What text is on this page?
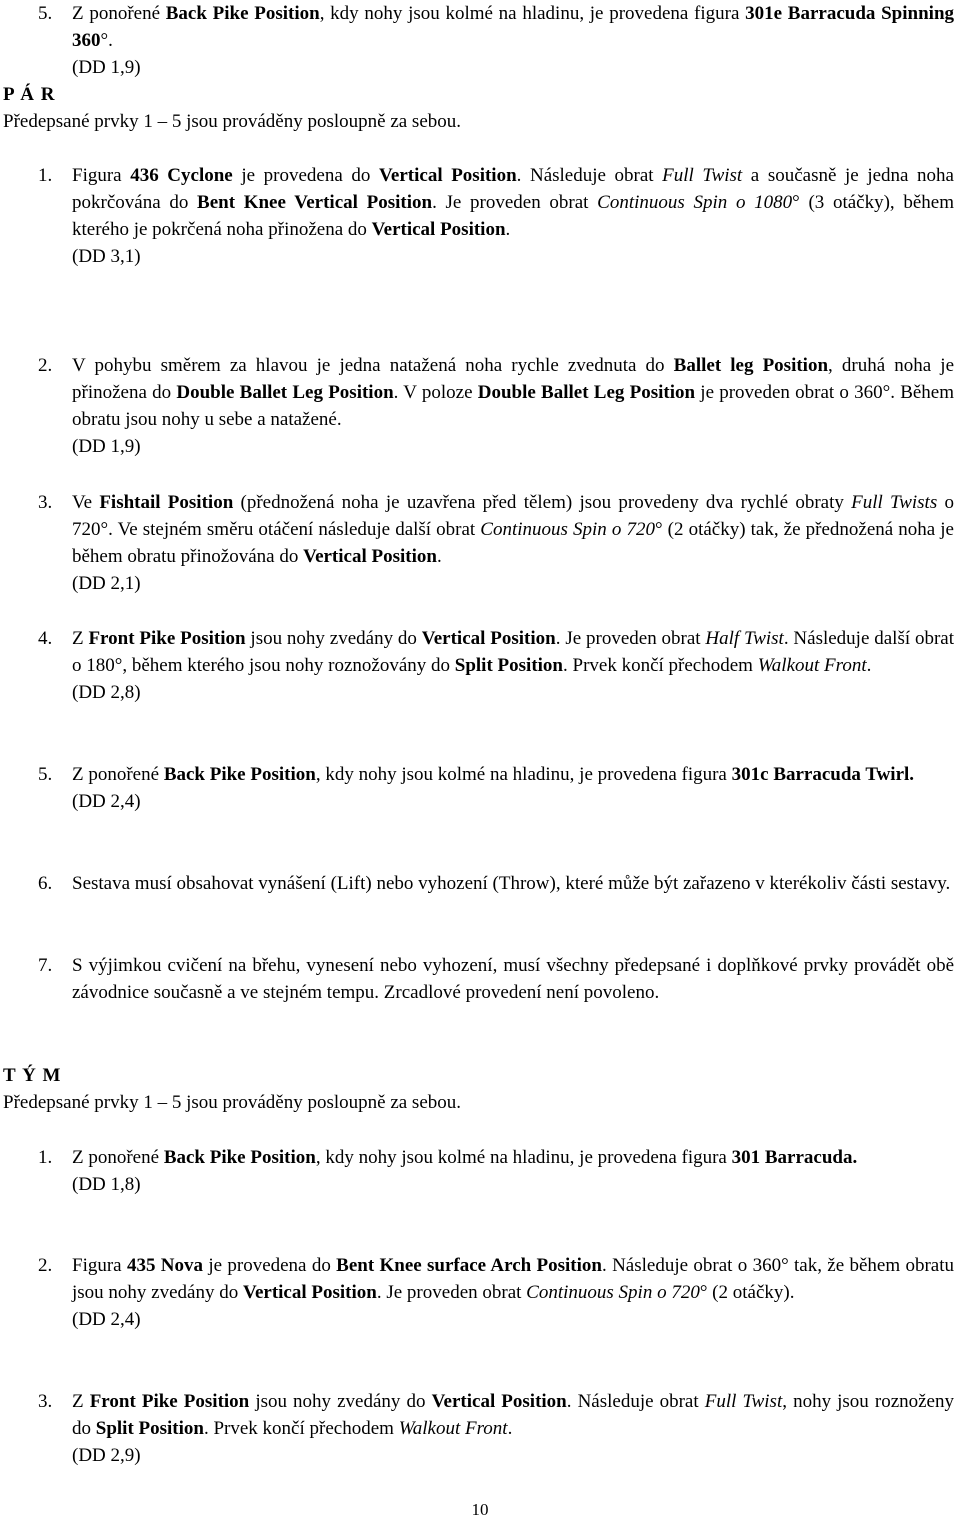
5. Z ponořené Back Pike Position, kdy nohy jsou kolmé na hladinu, je provedena figura 301e Barracuda Spinning 360°.

(DD 1,9)

P Á R
Předepsané prvky 1 – 5 jsou prováděny posloupně za sebou.
1. Figura 436 Cyclone je provedena do Vertical Position. Následuje obrat Full Twist a současně je jedna noha pokrčována do Bent Knee Vertical Position. Je proveden obrat Continuous Spin o 1080° (3 otáčky), během kterého je pokrčená noha přinožena do Vertical Position.

(DD 3,1)

2. V pohybu směrem za hlavou je jedna natažená noha rychle zvednuta do Ballet leg Position, druhá noha je přinožena do Double Ballet Leg Position. V poloze Double Ballet Leg Position je proveden obrat o 360°. Během obratu jsou nohy u sebe a natažené.

(DD 1,9)

3. Ve Fishtail Position (přednožená noha je uzavřena před tělem) jsou provedeny dva rychlé obraty Full Twists o 720°. Ve stejném směru otáčení následuje další obrat Continuous Spin o 720° (2 otáčky) tak, že přednožená noha je během obratu přinožována do Vertical Position.

(DD 2,1)

4. Z Front Pike Position jsou nohy zvedány do Vertical Position. Je proveden obrat Half Twist. Následuje další obrat o 180°, během kterého jsou nohy roznožovány do Split Position. Prvek končí přechodem Walkout Front.

(DD 2,8)

5. Z ponořené Back Pike Position, kdy nohy jsou kolmé na hladinu, je provedena figura 301c Barracuda Twirl.

(DD 2,4)

6. Sestava musí obsahovat vynášení (Lift) nebo vyhození (Throw), které může být zařazeno v kterékoliv části sestavy.

7. S výjimkou cvičení na břehu, vynesení nebo vyhození, musí všechny předepsané i doplňkové prvky provádět obě závodnice současně a ve stejném tempu. Zrcadlové provedení není povoleno.

T Ý M
Předepsané prvky 1 – 5 jsou prováděny posloupně za sebou.
1. Z ponořené Back Pike Position, kdy nohy jsou kolmé na hladinu, je provedena figura 301 Barracuda.

(DD 1,8)

2. Figura 435 Nova je provedena do Bent Knee surface Arch Position. Následuje obrat o 360° tak, že během obratu jsou nohy zvedány do Vertical Position. Je proveden obrat Continuous Spin o 720° (2 otáčky).

(DD 2,4)

3. Z Front Pike Position jsou nohy zvedány do Vertical Position. Následuje obrat Full Twist, nohy jsou roznoženy do Split Position. Prvek končí přechodem Walkout Front.

(DD 2,9)

10
